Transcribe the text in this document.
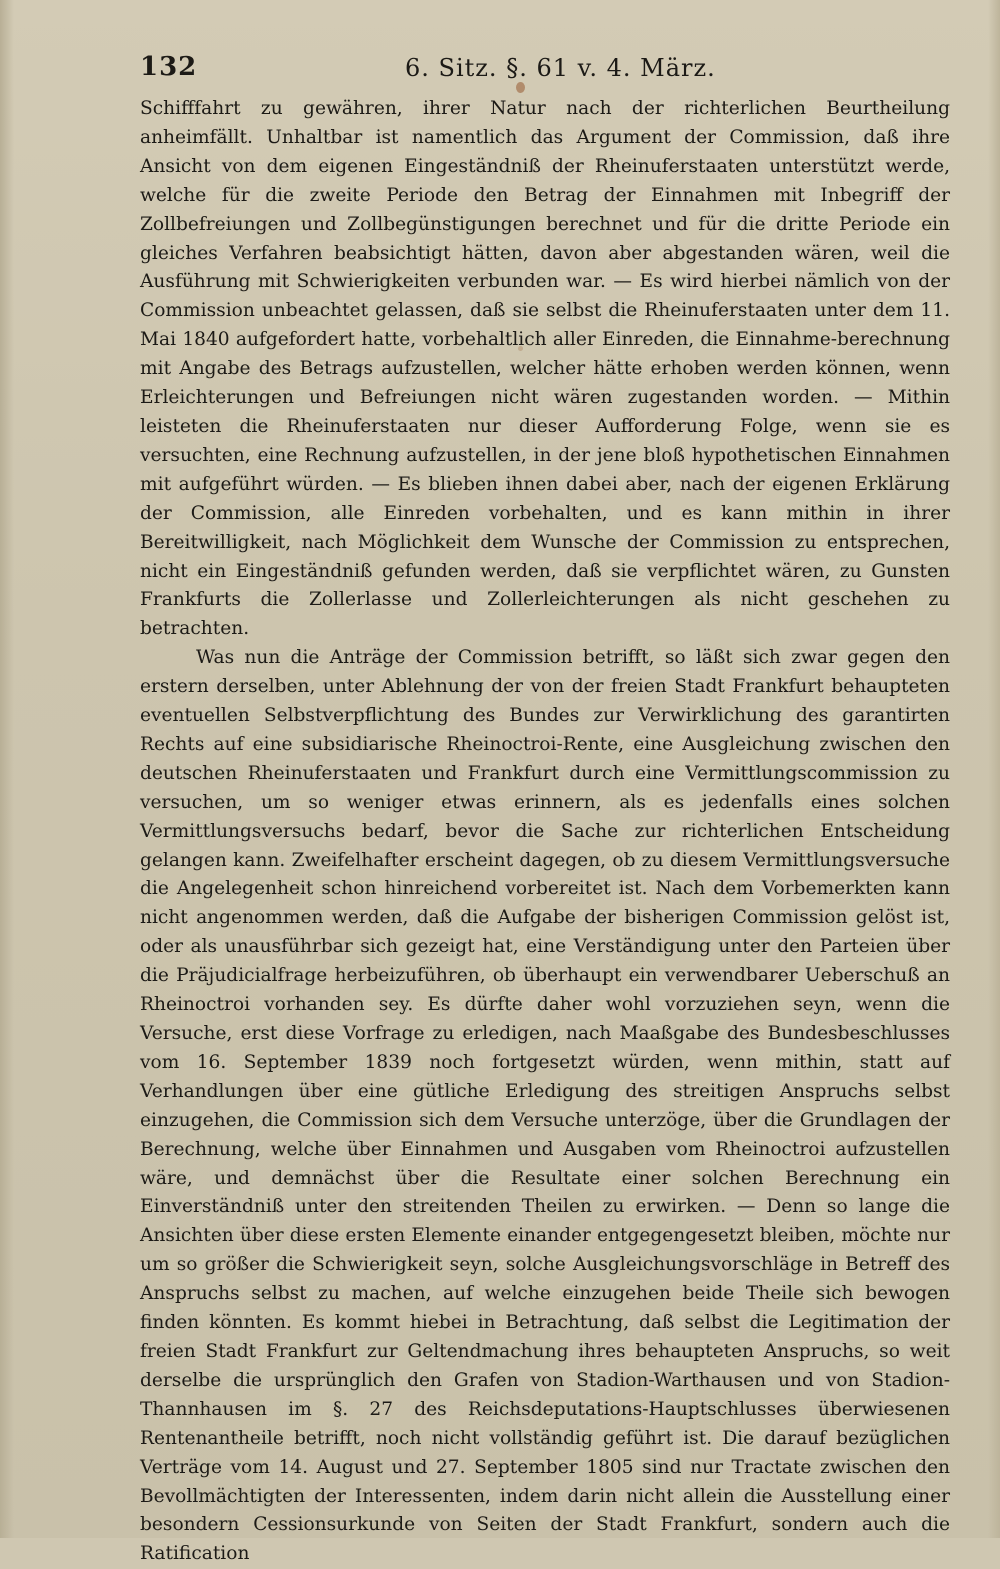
132	6. Sitz. §. 61 v. 4. März.

Schifffahrt zu gewähren, ihrer Natur nach der richterlichen Beurtheilung anheimfällt. Unhaltbar ist namentlich das Argument der Commission, daß ihre Ansicht von dem eigenen Eingeständniß der Rheinuferstaaten unterstützt werde, welche für die zweite Periode den Betrag der Einnahmen mit Inbegriff der Zollbefreiungen und Zollbegünstigungen berechnet und für die dritte Periode ein gleiches Verfahren beabsichtigt hätten, davon aber abgestanden wären, weil die Ausführung mit Schwierigkeiten verbunden war. — Es wird hierbei nämlich von der Commission unbeachtet gelassen, daß sie selbst die Rheinuferstaaten unter dem 11. Mai 1840 aufgefordert hatte, vorbehaltlich aller Einreden, die Einnahme-berechnung mit Angabe des Betrags aufzustellen, welcher hätte erhoben werden können, wenn Erleichterungen und Befreiungen nicht wären zugestanden worden. — Mithin leisteten die Rheinuferstaaten nur dieser Aufforderung Folge, wenn sie es versuchten, eine Rechnung aufzustellen, in der jene bloß hypothetischen Einnahmen mit aufgeführt würden. — Es blieben ihnen dabei aber, nach der eigenen Erklärung der Commission, alle Einreden vorbehalten, und es kann mithin in ihrer Bereitwilligkeit, nach Möglichkeit dem Wunsche der Commission zu entsprechen, nicht ein Eingeständniß gefunden werden, daß sie verpflichtet wären, zu Gunsten Frankfurts die Zollerlasse und Zollerleichterungen als nicht geschehen zu betrachten.

Was nun die Anträge der Commission betrifft, so läßt sich zwar gegen den erstern derselben, unter Ablehnung der von der freien Stadt Frankfurt behaupteten eventuellen Selbstverpflichtung des Bundes zur Verwirklichung des garantirten Rechts auf eine subsidiarische Rheinoctroi-Rente, eine Ausgleichung zwischen den deutschen Rheinuferstaaten und Frankfurt durch eine Vermittlungscommission zu versuchen, um so weniger etwas erinnern, als es jedenfalls eines solchen Vermittlungsversuchs bedarf, bevor die Sache zur richterlichen Entscheidung gelangen kann. Zweifelhafter erscheint dagegen, ob zu diesem Vermittlungsversuche die Angelegenheit schon hinreichend vorbereitet ist. Nach dem Vorbemerkten kann nicht angenommen werden, daß die Aufgabe der bisherigen Commission gelöst ist, oder als unausführbar sich gezeigt hat, eine Verständigung unter den Parteien über die Präjudicialfrage herbeizuführen, ob überhaupt ein verwendbarer Ueberschuß an Rheinoctroi vorhanden sey. Es dürfte daher wohl vorzuziehen seyn, wenn die Versuche, erst diese Vorfrage zu erledigen, nach Maaßgabe des Bundesbeschlusses vom 16. September 1839 noch fortgesetzt würden, wenn mithin, statt auf Verhandlungen über eine gütliche Erledigung des streitigen Anspruchs selbst einzugehen, die Commission sich dem Versuche unterzöge, über die Grundlagen der Berechnung, welche über Einnahmen und Ausgaben vom Rheinoctroi aufzustellen wäre, und demnächst über die Resultate einer solchen Berechnung ein Einverständniß unter den streitenden Theilen zu erwirken. — Denn so lange die Ansichten über diese ersten Elemente einander entgegengesetzt bleiben, möchte nur um so größer die Schwierigkeit seyn, solche Ausgleichungsvorschläge in Betreff des Anspruchs selbst zu machen, auf welche einzugehen beide Theile sich bewogen finden könnten. Es kommt hiebei in Betrachtung, daß selbst die Legitimation der freien Stadt Frankfurt zur Geltendmachung ihres behaupteten Anspruchs, so weit derselbe die ursprünglich den Grafen von Stadion-Warthausen und von Stadion-Thannhausen im §. 27 des Reichsdeputations-Hauptschlusses überwiesenen Rentenantheile betrifft, noch nicht vollständig geführt ist. Die darauf bezüglichen Verträge vom 14. August und 27. September 1805 sind nur Tractate zwischen den Bevollmächtigten der Interessenten, indem darin nicht allein die Ausstellung einer besondern Cessionsurkunde von Seiten der Stadt Frankfurt, sondern auch die Ratification
